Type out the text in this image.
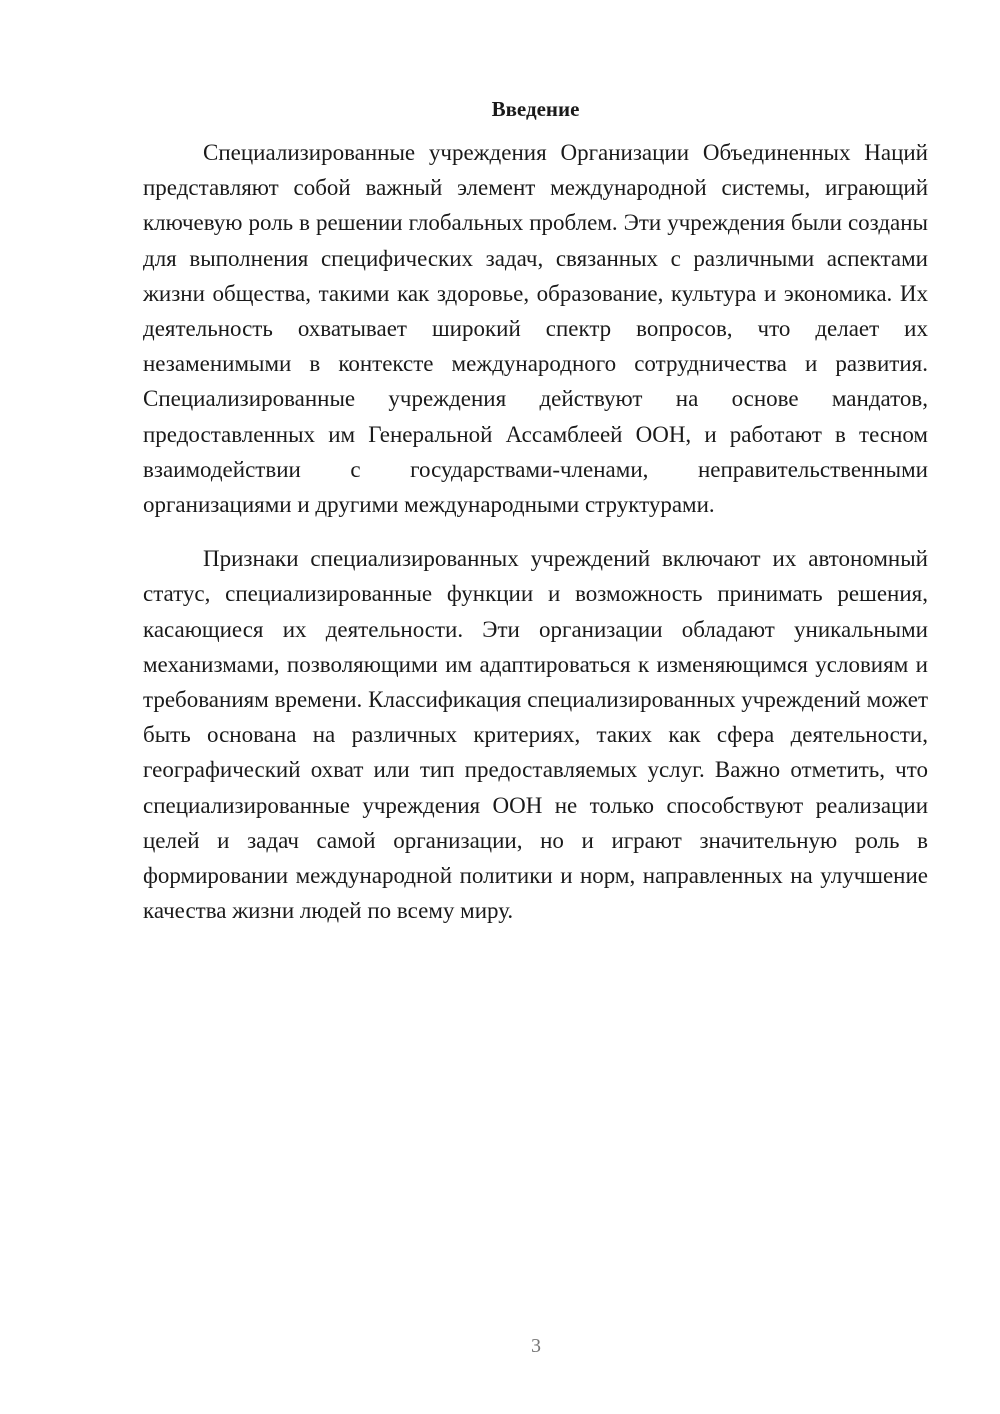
Введение

Специализированные учреждения Организации Объединенных Наций представляют собой важный элемент международной системы, играющий ключевую роль в решении глобальных проблем. Эти учреждения были созданы для выполнения специфических задач, связанных с различными аспектами жизни общества, такими как здоровье, образование, культура и экономика. Их деятельность охватывает широкий спектр вопросов, что делает их незаменимыми в контексте международного сотрудничества и развития. Специализированные учреждения действуют на основе мандатов, предоставленных им Генеральной Ассамблеей ООН, и работают в тесном взаимодействии с государствами-членами, неправительственными организациями и другими международными структурами.

Признаки специализированных учреждений включают их автономный статус, специализированные функции и возможность принимать решения, касающиеся их деятельности. Эти организации обладают уникальными механизмами, позволяющими им адаптироваться к изменяющимся условиям и требованиям времени. Классификация специализированных учреждений может быть основана на различных критериях, таких как сфера деятельности, географический охват или тип предоставляемых услуг. Важно отметить, что специализированные учреждения ООН не только способствуют реализации целей и задач самой организации, но и играют значительную роль в формировании международной политики и норм, направленных на улучшение качества жизни людей по всему миру.

3
